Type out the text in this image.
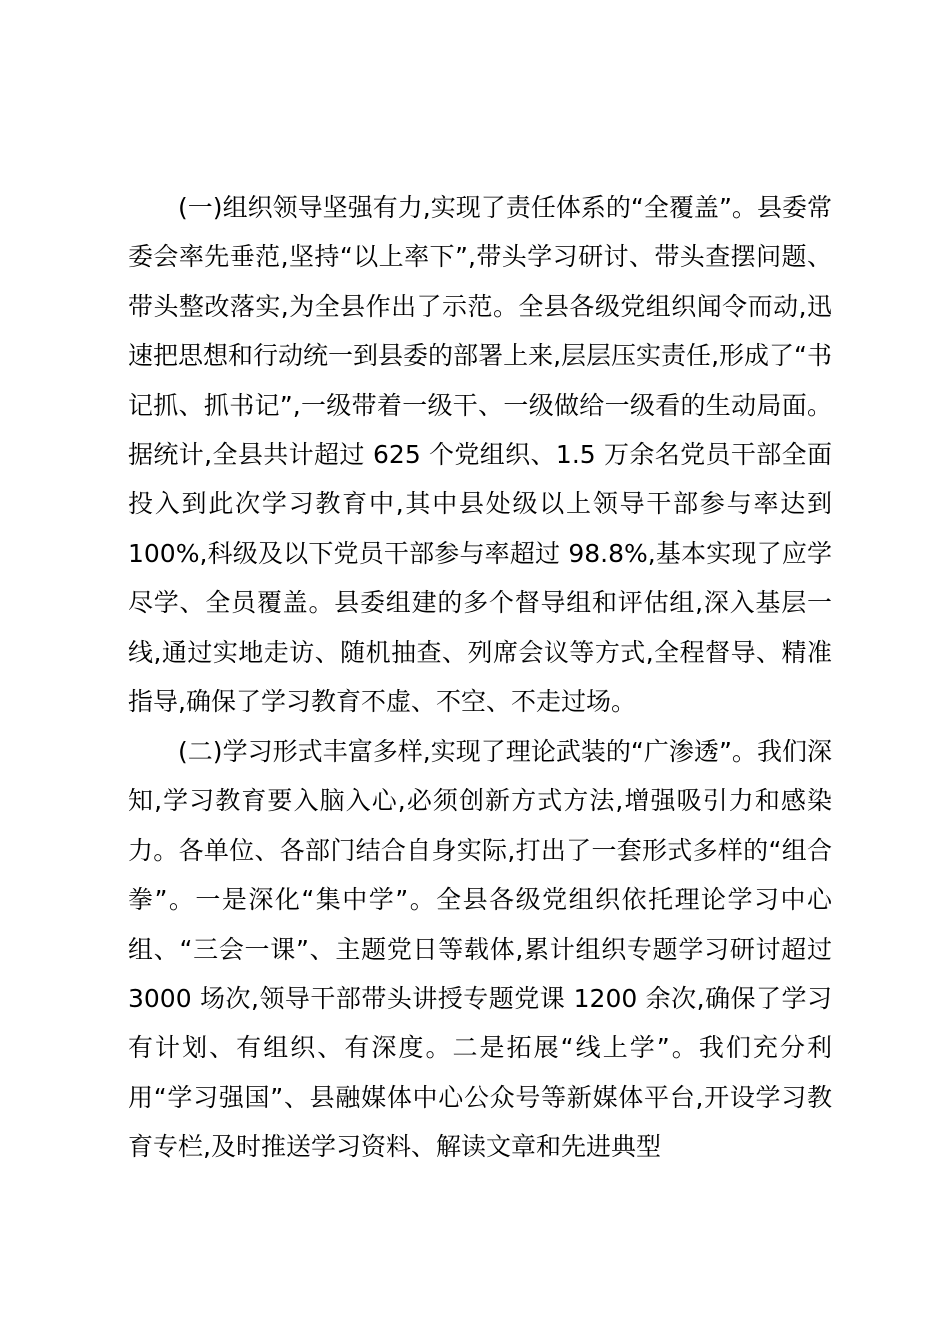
(一)组织领导坚强有力,实现了责任体系的“全覆盖”。县委常委会率先垂范,坚持“以上率下”,带头学习研讨、带头查摆问题、带头整改落实,为全县作出了示范。全县各级党组织闻令而动,迅速把思想和行动统一到县委的部署上来,层层压实责任,形成了“书记抓、抓书记”,一级带着一级干、一级做给一级看的生动局面。据统计,全县共计超过 625 个党组织、1.5 万余名党员干部全面投入到此次学习教育中,其中县处级以上领导干部参与率达到 100%,科级及以下党员干部参与率超过 98.8%,基本实现了应学尽学、全员覆盖。县委组建的多个督导组和评估组,深入基层一线,通过实地走访、随机抽查、列席会议等方式,全程督导、精准指导,确保了学习教育不虚、不空、不走过场。

(二)学习形式丰富多样,实现了理论武装的“广渗透”。我们深知,学习教育要入脑入心,必须创新方式方法,增强吸引力和感染力。各单位、各部门结合自身实际,打出了一套形式多样的“组合拳”。一是深化“集中学”。全县各级党组织依托理论学习中心组、“三会一课”、主题党日等载体,累计组织专题学习研讨超过 3000 场次,领导干部带头讲授专题党课 1200 余次,确保了学习有计划、有组织、有深度。二是拓展“线上学”。我们充分利用“学习强国”、县融媒体中心公众号等新媒体平台,开设学习教育专栏,及时推送学习资料、解读文章和先进典型
